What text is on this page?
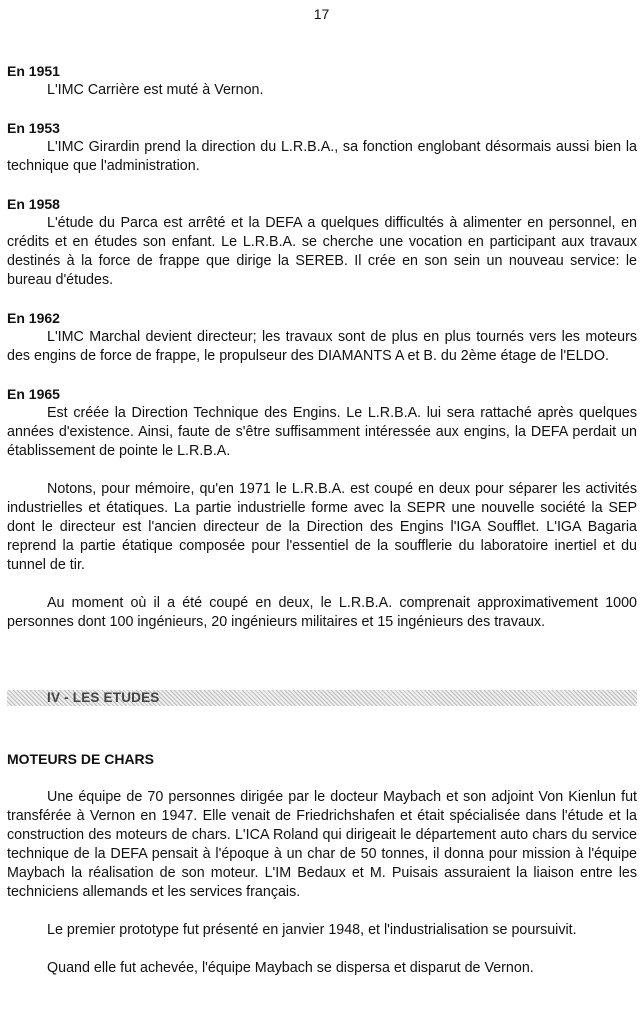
17

En 1951

L'IMC Carrière est muté à Vernon.

En 1953

L'IMC Girardin prend la direction du L.R.B.A., sa fonction englobant désormais aussi bien la technique que l'administration.

En 1958

L'étude du Parca est arrêté et la DEFA a quelques difficultés à alimenter en personnel, en crédits et en études son enfant. Le L.R.B.A. se cherche une vocation en participant aux travaux destinés à la force de frappe que dirige la SEREB. Il crée en son sein un nouveau service: le bureau d'études.

En 1962

L'IMC Marchal devient directeur; les travaux sont de plus en plus tournés vers les moteurs des engins de force de frappe, le propulseur des DIAMANTS A et B. du 2ème étage de l'ELDO.

En 1965

Est créée la Direction Technique des Engins. Le L.R.B.A. lui sera rattaché après quelques années d'existence. Ainsi, faute de s'être suffisamment intéressée aux engins, la DEFA perdait un établissement de pointe le L.R.B.A.

Notons, pour mémoire, qu'en 1971 le L.R.B.A. est coupé en deux pour séparer les activités industrielles et étatiques. La partie industrielle forme avec la SEPR une nouvelle société la SEP dont le directeur est l'ancien directeur de la Direction des Engins l'IGA Soufflet. L'IGA Bagaria reprend la partie étatique composée pour l'essentiel de la soufflerie du laboratoire inertiel et du tunnel de tir.

Au moment où il a été coupé en deux, le L.R.B.A. comprenait approximativement 1000 personnes dont 100 ingénieurs, 20 ingénieurs militaires et 15 ingénieurs des travaux.

IV - LES ETUDES

MOTEURS DE CHARS

Une équipe de 70 personnes dirigée par le docteur Maybach et son adjoint Von Kienlun fut transférée à Vernon en 1947. Elle venait de Friedrichshafen et était spécialisée dans l'étude et la construction des moteurs de chars. L'ICA Roland qui dirigeait le département auto chars du service technique de la DEFA pensait à l'époque à un char de 50 tonnes, il donna pour mission à l'équipe Maybach la réalisation de son moteur. L'IM Bedaux et M. Puisais assuraient la liaison entre les techniciens allemands et les services français.

Le premier prototype fut présenté en janvier 1948, et l'industrialisation se poursuivit.

Quand elle fut achevée, l'équipe Maybach se dispersa et disparut de Vernon.
